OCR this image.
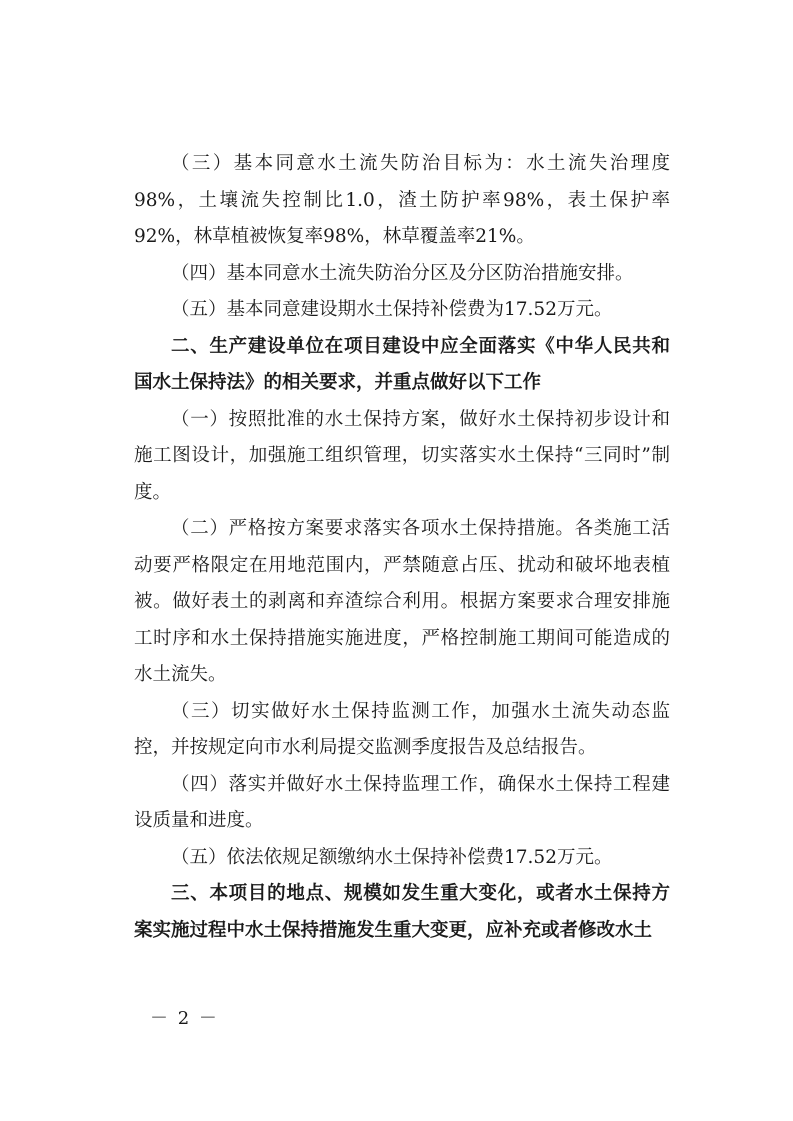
（三）基本同意水土流失防治目标为：水土流失治理度98%，土壤流失控制比1.0，渣土防护率98%，表土保护率92%，林草植被恢复率98%，林草覆盖率21%。

（四）基本同意水土流失防治分区及分区防治措施安排。

（五）基本同意建设期水土保持补偿费为17.52万元。

二、生产建设单位在项目建设中应全面落实《中华人民共和国水土保持法》的相关要求，并重点做好以下工作

（一）按照批准的水土保持方案，做好水土保持初步设计和施工图设计，加强施工组织管理，切实落实水土保持“三同时”制度。

（二）严格按方案要求落实各项水土保持措施。各类施工活动要严格限定在用地范围内，严禁随意占压、扰动和破坏地表植被。做好表土的剥离和弃渣综合利用。根据方案要求合理安排施工时序和水土保持措施实施进度，严格控制施工期间可能造成的水土流失。

（三）切实做好水土保持监测工作，加强水土流失动态监控，并按规定向市水利局提交监测季度报告及总结报告。

（四）落实并做好水土保持监理工作，确保水土保持工程建设质量和进度。

（五）依法依规足额缴纳水土保持补偿费17.52万元。

三、本项目的地点、规模如发生重大变化，或者水土保持方案实施过程中水土保持措施发生重大变更，应补充或者修改水土

－ 2 －
